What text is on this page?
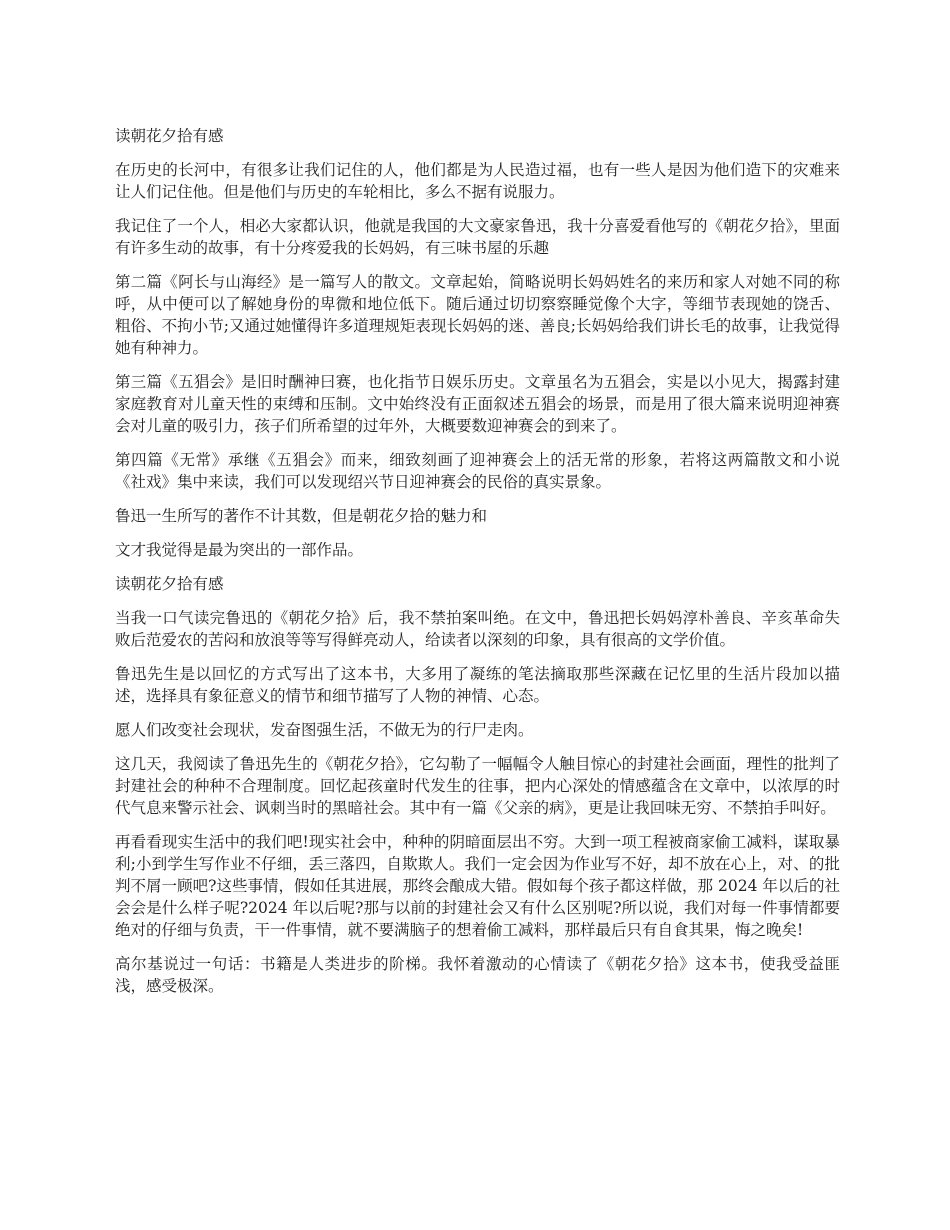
读朝花夕拾有感
在历史的长河中，有很多让我们记住的人，他们都是为人民造过福，也有一些人是因为他们造下的灾难来让人们记住他。但是他们与历史的车轮相比，多么不据有说服力。
我记住了一个人，相必大家都认识，他就是我国的大文豪家鲁迅，我十分喜爱看他写的《朝花夕拾》，里面有许多生动的故事，有十分疼爱我的长妈妈，有三味书屋的乐趣
第二篇《阿长与山海经》是一篇写人的散文。文章起始，简略说明长妈妈姓名的来历和家人对她不同的称呼，从中便可以了解她身份的卑微和地位低下。随后通过切切察察睡觉像个大字，等细节表现她的饶舌、粗俗、不拘小节;又通过她懂得许多道理规矩表现长妈妈的迷、善良;长妈妈给我们讲长毛的故事，让我觉得她有种神力。
第三篇《五猖会》是旧时酬神曰赛，也化指节日娱乐历史。文章虽名为五猖会，实是以小见大，揭露封建家庭教育对儿童天性的束缚和压制。文中始终没有正面叙述五猖会的场景，而是用了很大篇来说明迎神赛会对儿童的吸引力，孩子们所希望的过年外，大概要数迎神赛会的到来了。
第四篇《无常》承继《五猖会》而来，细致刻画了迎神赛会上的活无常的形象，若将这两篇散文和小说《社戏》集中来读，我们可以发现绍兴节日迎神赛会的民俗的真实景象。
鲁迅一生所写的著作不计其数，但是朝花夕拾的魅力和
文才我觉得是最为突出的一部作品。
读朝花夕拾有感
当我一口气读完鲁迅的《朝花夕拾》后，我不禁拍案叫绝。在文中，鲁迅把长妈妈淳朴善良、辛亥革命失败后范爱农的苦闷和放浪等等写得鲜亮动人，给读者以深刻的印象，具有很高的文学价值。
鲁迅先生是以回忆的方式写出了这本书，大多用了凝练的笔法摘取那些深藏在记忆里的生活片段加以描述，选择具有象征意义的情节和细节描写了人物的神情、心态。
愿人们改变社会现状，发奋图强生活，不做无为的行尸走肉。
这几天，我阅读了鲁迅先生的《朝花夕拾》，它勾勒了一幅幅令人触目惊心的封建社会画面，理性的批判了封建社会的种种不合理制度。回忆起孩童时代发生的往事，把内心深处的情感蕴含在文章中，以浓厚的时代气息来警示社会、讽刺当时的黑暗社会。其中有一篇《父亲的病》，更是让我回味无穷、不禁拍手叫好。
再看看现实生活中的我们吧!现实社会中，种种的阴暗面层出不穷。大到一项工程被商家偷工减料，谋取暴利;小到学生写作业不仔细，丢三落四，自欺欺人。我们一定会因为作业写不好，却不放在心上，对、的批判不屑一顾吧?这些事情，假如任其进展，那终会酿成大错。假如每个孩子都这样做，那 2024 年以后的社会会是什么样子呢?2024 年以后呢?那与以前的封建社会又有什么区别呢?所以说，我们对每一件事情都要绝对的仔细与负责，干一件事情，就不要满脑子的想着偷工减料，那样最后只有自食其果，悔之晚矣!
高尔基说过一句话：书籍是人类进步的阶梯。我怀着激动的心情读了《朝花夕拾》这本书，使我受益匪浅，感受极深。
